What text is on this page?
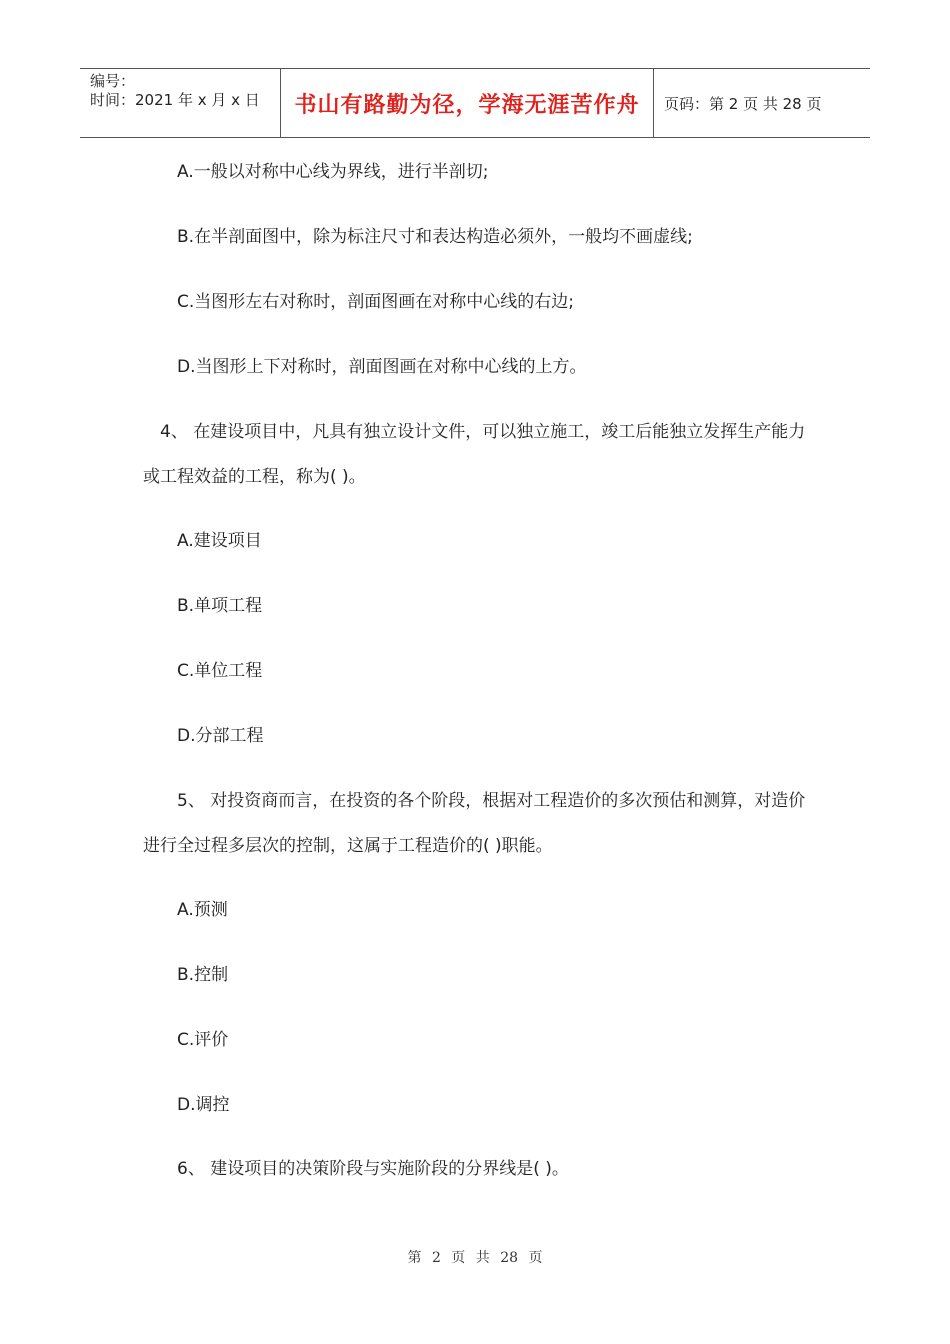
编号：
时间：2021 年 x 月 x 日 书山有路勤为径，学海无涯苦作舟	页码：第 2 页 共 28 页
A.一般以对称中心线为界线，进行半剖切;
B.在半剖面图中，除为标注尺寸和表达构造必须外，一般均不画虚线;
C.当图形左右对称时，剖面图画在对称中心线的右边;
D.当图形上下对称时，剖面图画在对称中心线的上方。
4、 在建设项目中，凡具有独立设计文件，可以独立施工，竣工后能独立发挥生产能力
或工程效益的工程，称为( )。
A.建设项目
B.单项工程
C.单位工程
D.分部工程
5、 对投资商而言，在投资的各个阶段，根据对工程造价的多次预估和测算，对造价
进行全过程多层次的控制，这属于工程造价的( )职能。
A.预测
B.控制
C.评价
D.调控
6、 建设项目的决策阶段与实施阶段的分界线是( )。
第 2 页 共 28 页
